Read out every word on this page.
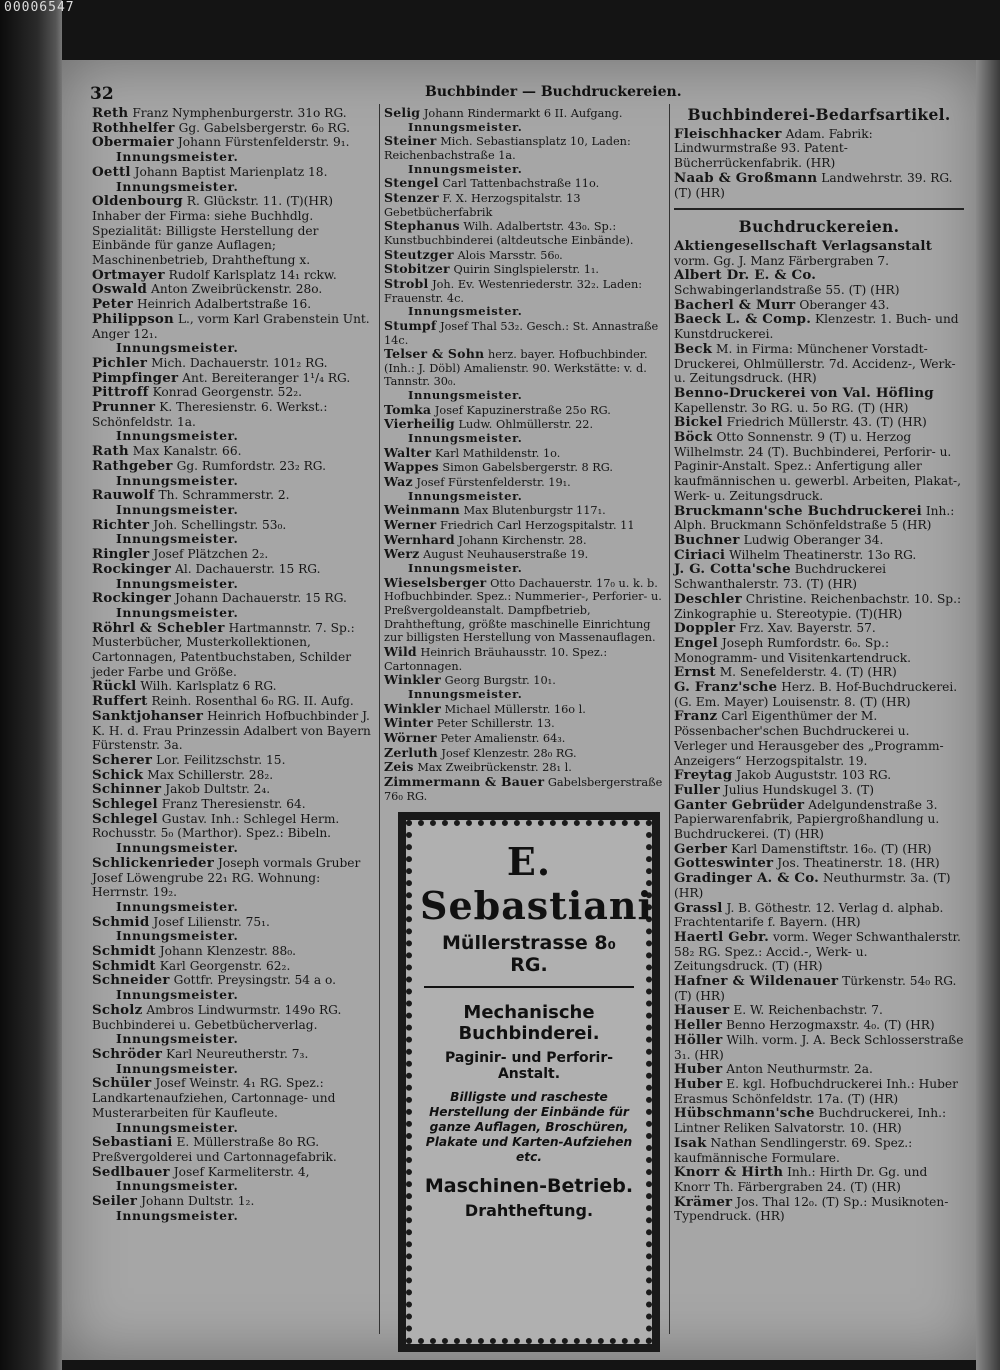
00006547
32	Buchbinder — Buchdruckereien.

Reth Franz Nymphenburgerstr. 31o RG.

Rothhelfer Gg. Gabelsbergerstr. 6₀ RG.

Obermaier Johann Fürstenfelderstr. 9₁.

Innungsmeister.

Oettl Johann Baptist Marienplatz 18.

Innungsmeister.

Oldenbourg R. Glückstr. 11. (T)(HR) Inhaber der Firma: siehe Buchhdlg. Spezialität: Billigste Herstellung der Einbände für ganze Auflagen; Maschinenbetrieb, Drahtheftung x.

Ortmayer Rudolf Karlsplatz 14₁ rckw.

Oswald Anton Zweibrückenstr. 28o.

Peter Heinrich Adalbertstraße 16.

Philippson L., vorm Karl Grabenstein Unt. Anger 12₁.

Innungsmeister.

Pichler Mich. Dachauerstr. 101₂ RG.

Pimpfinger Ant. Bereiteranger 1¹/₄ RG.

Pittroff Konrad Georgenstr. 52₂.

Prunner K. Theresienstr. 6. Werkst.: Schönfeldstr. 1a.

Innungsmeister.

Rath Max Kanalstr. 66.

Rathgeber Gg. Rumfordstr. 23₂ RG.

Innungsmeister.

Rauwolf Th. Schrammerstr. 2.

Innungsmeister.

Richter Joh. Schellingstr. 53₀.

Innungsmeister.

Ringler Josef Plätzchen 2₂.

Rockinger Al. Dachauerstr. 15 RG.

Innungsmeister.

Rockinger Johann Dachauerstr. 15 RG.

Innungsmeister.

Röhrl & Schebler Hartmannstr. 7. Sp.: Musterbücher, Musterkollektionen, Cartonnagen, Patentbuchstaben, Schilder jeder Farbe und Größe.

Rückl Wilh. Karlsplatz 6 RG.

Ruffert Reinh. Rosenthal 6₀ RG. II. Aufg.

Sanktjohanser Heinrich Hofbuchbinder J. K. H. d. Frau Prinzessin Adalbert von Bayern Fürstenstr. 3a.

Scherer Lor. Feilitzschstr. 15.

Schick Max Schillerstr. 28₂.

Schinner Jakob Dultstr. 2₄.

Schlegel Franz Theresienstr. 64.

Schlegel Gustav. Inh.: Schlegel Herm. Rochusstr. 5₀ (Marthor). Spez.: Bibeln.

Innungsmeister.

Schlickenrieder Joseph vormals Gruber Josef Löwengrube 22₁ RG. Wohnung: Herrnstr. 19₂.

Innungsmeister.

Schmid Josef Lilienstr. 75₁.

Innungsmeister.

Schmidt Johann Klenzestr. 88₀.

Schmidt Karl Georgenstr. 62₂.

Schneider Gottfr. Preysingstr. 54 a o.

Innungsmeister.

Scholz Ambros Lindwurmstr. 149o RG. Buchbinderei u. Gebetbücherverlag.

Innungsmeister.

Schröder Karl Neureutherstr. 7₃.

Innungsmeister.

Schüler Josef Weinstr. 4₁ RG. Spez.: Landkartenaufziehen, Cartonnage- und Musterarbeiten für Kaufleute.

Innungsmeister.

Sebastiani E. Müllerstraße 8o RG. Preßvergolderei und Cartonnagefabrik.

Sedlbauer Josef Karmeliterstr. 4,

Innungsmeister.

Seiler Johann Dultstr. 1₂.

Innungsmeister.

Selig Johann Rindermarkt 6 II. Aufgang.

Innungsmeister.

Steiner Mich. Sebastiansplatz 10, Laden: Reichenbachstraße 1a.

Innungsmeister.

Stengel Carl Tattenbachstraße 11o.

Stenzer F. X. Herzogspitalstr. 13 Gebetbücherfabrik

Stephanus Wilh. Adalbertstr. 43₀. Sp.: Kunstbuchbinderei (altdeutsche Einbände).

Steutzger Alois Marsstr. 56₀.

Stobitzer Quirin Singlspielerstr. 1₁.

Strobl Joh. Ev. Westenriederstr. 32₂. Laden: Frauenstr. 4c.

Innungsmeister.

Stumpf Josef Thal 53₂. Gesch.: St. Annastraße 14c.

Telser & Sohn herz. bayer. Hofbuchbinder. (Inh.: J. Döbl) Amalienstr. 90. Werkstätte: v. d. Tannstr. 30₀.

Innungsmeister.

Tomka Josef Kapuzinerstraße 25o RG.

Vierheilig Ludw. Ohlmüllerstr. 22.

Innungsmeister.

Walter Karl Mathildenstr. 1o.

Wappes Simon Gabelsbergerstr. 8 RG.

Waz Josef Fürstenfelderstr. 19₁.

Innungsmeister.

Weinmann Max Blutenburgstr 117₁.

Werner Friedrich Carl Herzogspitalstr. 11

Wernhard Johann Kirchenstr. 28.

Werz August Neuhauserstraße 19.

Innungsmeister.

Wieselsberger Otto Dachauerstr. 17₀ u. k. b. Hofbuchbinder. Spez.: Nummerier-, Perforier- u. Preßvergoldeanstalt. Dampfbetrieb, Drahtheftung, größte maschinelle Einrichtung zur billigsten Herstellung von Massenauflagen.

Wild Heinrich Bräuhausstr. 10. Spez.: Cartonnagen.

Winkler Georg Burgstr. 10₁.

Innungsmeister.

Winkler Michael Müllerstr. 16o l.

Winter Peter Schillerstr. 13.

Wörner Peter Amalienstr. 64₃.

Zerluth Josef Klenzestr. 28₀ RG.

Zeis Max Zweibrückenstr. 28₁ l.

Zimmermann & Bauer Gabelsbergerstraße 76₀ RG.

Buchbinderei-Bedarfsartikel.

Fleischhacker Adam. Fabrik: Lindwurmstraße 93. Patent-Bücherrückenfabrik. (HR)

Naab & Großmann Landwehrstr. 39. RG. (T) (HR)

Buchdruckereien.

Aktiengesellschaft Verlagsanstalt vorm. Gg. J. Manz Färbergraben 7.

Albert Dr. E. & Co. Schwabingerlandstraße 55. (T) (HR)

Bacherl & Murr Oberanger 43.

Baeck L. & Comp. Klenzestr. 1. Buch- und Kunstdruckerei.

Beck M. in Firma: Münchener Vorstadt-Druckerei, Ohlmüllerstr. 7d. Accidenz-, Werk- u. Zeitungsdruck. (HR)

Benno-Druckerei von Val. Höfling Kapellenstr. 3o RG. u. 5o RG. (T) (HR)

Bickel Friedrich Müllerstr. 43. (T) (HR)

Böck Otto Sonnenstr. 9 (T) u. Herzog Wilhelmstr. 24 (T). Buchbinderei, Perforir- u. Paginir-Anstalt. Spez.: Anfertigung aller kaufmännischen u. gewerbl. Arbeiten, Plakat-, Werk- u. Zeitungsdruck.

Bruckmann'sche Buchdruckerei Inh.: Alph. Bruckmann Schönfeldstraße 5 (HR)

Buchner Ludwig Oberanger 34.

Ciriaci Wilhelm Theatinerstr. 13o RG.

J. G. Cotta'sche Buchdruckerei Schwanthalerstr. 73. (T) (HR)

Deschler Christine. Reichenbachstr. 10. Sp.: Zinkographie u. Stereotypie. (T)(HR)

Doppler Frz. Xav. Bayerstr. 57.

Engel Joseph Rumfordstr. 6₀. Sp.: Monogramm- und Visitenkartendruck.

Ernst M. Senefelderstr. 4. (T) (HR)

G. Franz'sche Herz. B. Hof-Buchdruckerei. (G. Em. Mayer) Louisenstr. 8. (T) (HR)

Franz Carl Eigenthümer der M. Pössenbacher'schen Buchdruckerei u. Verleger und Herausgeber des „Programm-Anzeigers“ Herzogspitalstr. 19.

Freytag Jakob Auguststr. 103 RG.

Fuller Julius Hundskugel 3. (T)

Ganter Gebrüder Adelgundenstraße 3. Papierwarenfabrik, Papiergroßhandlung u. Buchdruckerei. (T) (HR)

Gerber Karl Damenstiftstr. 16₀. (T) (HR)

Gotteswinter Jos. Theatinerstr. 18. (HR)

Gradinger A. & Co. Neuthurmstr. 3a. (T) (HR)

Grassl J. B. Göthestr. 12. Verlag d. alphab. Frachtentarife f. Bayern. (HR)

Haertl Gebr. vorm. Weger Schwanthalerstr. 58₂ RG. Spez.: Accid.-, Werk- u. Zeitungsdruck. (T) (HR)

Hafner & Wildenauer Türkenstr. 54₀ RG. (T) (HR)

Hauser E. W. Reichenbachstr. 7.

Heller Benno Herzogmaxstr. 4₀. (T) (HR)

Höller Wilh. vorm. J. A. Beck Schlosserstraße 3₁. (HR)

Huber Anton Neuthurmstr. 2a.

Huber E. kgl. Hofbuchdruckerei Inh.: Huber Erasmus Schönfeldstr. 17a. (T) (HR)

Hübschmann'sche Buchdruckerei, Inh.: Lintner Reliken Salvatorstr. 10. (HR)

Isak Nathan Sendlingerstr. 69. Spez.: kaufmännische Formulare.

Knorr & Hirth Inh.: Hirth Dr. Gg. und Knorr Th. Färbergraben 24. (T) (HR)

Krämer Jos. Thal 12₀. (T) Sp.: Musiknoten-Typendruck. (HR)

E. Sebastiani
Müllerstrasse 8₀ RG.
Mechanische Buchbinderei.
Paginir- und Perforir-Anstalt.
Billigste und rascheste Herstellung der Einbände für ganze Auflagen, Broschüren, Plakate und Karten-Aufziehen etc.
Maschinen-Betrieb.
Drahtheftung.
